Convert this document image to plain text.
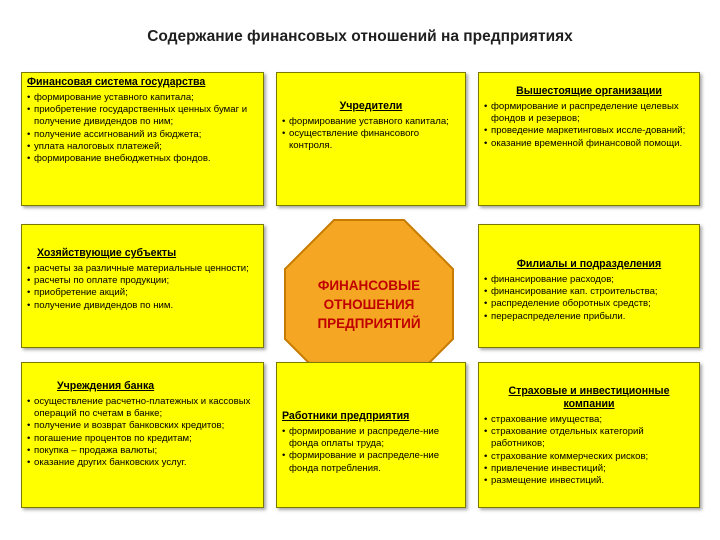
Содержание финансовых отношений на предприятиях
Финансовая система государства
• формирование уставного капитала;
• приобретение государственных ценных бумаг и получение дивидендов по ним;
• получение ассигнований из бюджета;
• уплата налоговых платежей;
• формирование внебюджетных фондов.
Учредители
• формирование уставного капитала;
• осуществление финансового контроля.
Вышестоящие организации
• формирование и распределение целевых фондов и резервов;
• проведение маркетинговых иссле-дований;
• оказание временной финансовой помощи.
Хозяйствующие субъекты
• расчеты за различные материальные ценности;
• расчеты по оплате продукции;
• приобретение акций;
• получение дивидендов по ним.
ФИНАНСОВЫЕ
ОТНОШЕНИЯ
ПРЕДПРИЯТИЙ
Филиалы и подразделения
• финансирование расходов;
• финансирование кап. строительства;
• распределение оборотных средств;
• перераспределение прибыли.
Учреждения банка
• осуществление расчетно-платежных и кассовых операций по счетам в банке;
• получение и возврат банковских кредитов;
• погашение процентов по кредитам;
• покупка – продажа валюты;
• оказание других банковских услуг.
Работники предприятия
• формирование и распределе-ние фонда оплаты труда;
• формирование и распределе-ние фонда потребления.
Страховые и инвестиционные компании
• страхование имущества;
• страхование отдельных категорий работников;
• страхование коммерческих рисков;
• привлечение инвестиций;
• размещение инвестиций.
